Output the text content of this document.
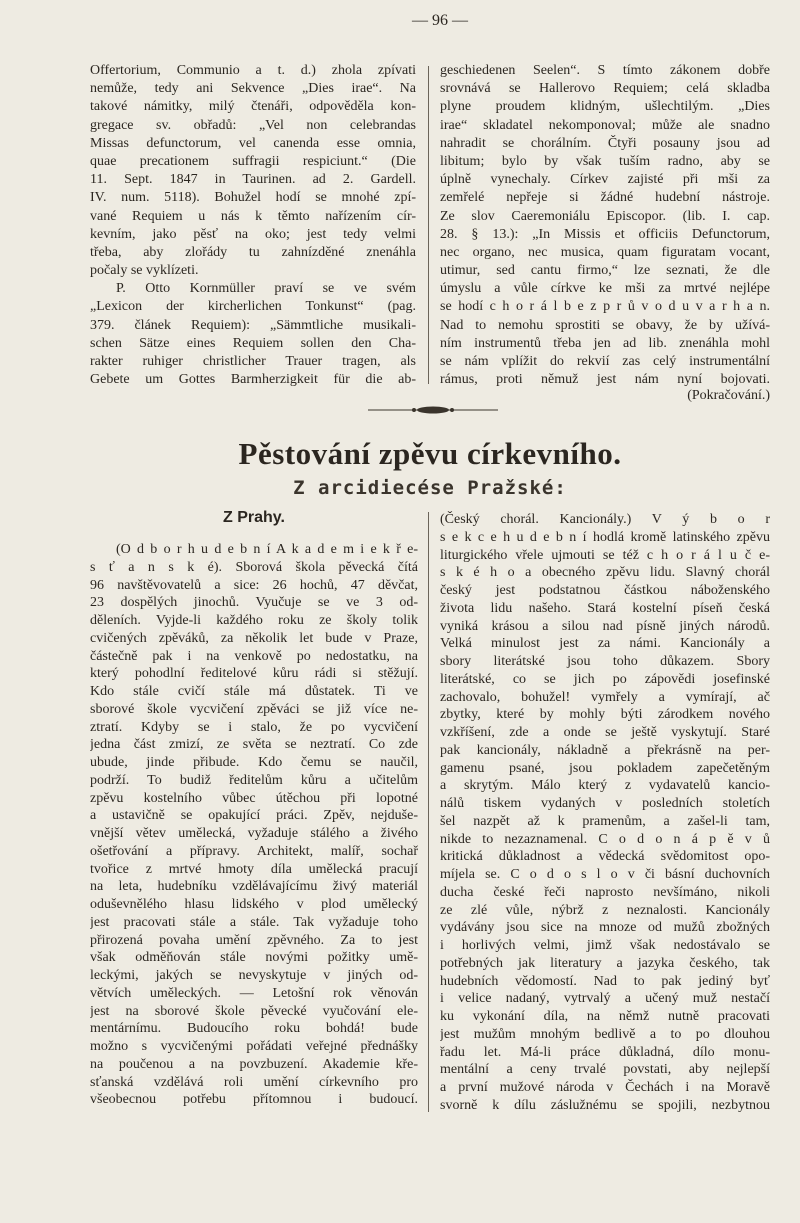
— 96 —
Offertorium, Communio a t. d.) zhola zpívati
nemůže, tedy ani Sekvence „Dies irae“. Na
takové námitky, milý čtenáři, odpověděla kon-
gregace sv. obřadů: „Vel non celebrandas
Missas defunctorum, vel canenda esse omnia,
quae precationem suffragii respiciunt.“ (Die
11. Sept. 1847 in Taurinen. ad 2. Gardell.
IV. num. 5118). Bohužel hodí se mnohé zpí-
vané Requiem u nás k těmto nařízením cír-
kevním, jako pěsť na oko; jest tedy velmi
třeba, aby zlořády tu zahnízděné znenáhla
počaly se vyklízeti.
P. Otto Kornmüller praví se ve svém
„Lexicon der kircherlichen Tonkunst“ (pag.
379. článek Requiem): „Sämmtliche musikali-
schen Sätze eines Requiem sollen den Cha-
rakter ruhiger christlicher Trauer tragen, als
Gebete um Gottes Barmherzigkeit für die ab-
geschiedenen Seelen“. S tímto zákonem dobře
srovnává se Hallerovo Requiem; celá skladba
plyne proudem klidným, ušlechtilým. „Dies
irae“ skladatel nekomponoval; může ale snadno
nahradit se chorálním. Čtyři posauny jsou ad
libitum; bylo by však tuším radno, aby se
úplně vynechaly. Církev zajisté při mši za
zemřelé nepřeje si žádné hudební nástroje.
Ze slov Caeremoniálu Episcopor. (lib. I. cap.
28. § 13.): „In Missis et officiis Defunctorum,
nec organo, nec musica, quam figuratam vocant,
utimur, sed cantu firmo,“ lze seznati, že dle
úmyslu a vůle církve ke mši za mrtvé nejlépe
se hodí c h o r á l b e z p r ů v o d u v a r h a n.
Nad to nemohu sprostiti se obavy, že by užívá-
ním instrumentů třeba jen ad lib. znenáhla mohl
se nám vplížit do rekvií zas celý instrumentální
rámus, proti němuž jest nám nyní bojovati.
(Pokračování.)
Pěstování zpěvu církevního.
Z arcidiecése Pražské:
Z Prahy.
(O d b o r h u d e b n í A k a d e m i e k ř e-
s ť a n s k é). Sborová škola pěvecká čítá
96 navštěvovatelů a sice: 26 hochů, 47 děvčat,
23 dospělých jinochů. Vyučuje se ve 3 od-
děleních. Vyjde-li každého roku ze školy tolik
cvičených zpěváků, za několik let bude v Praze,
částečně pak i na venkově po nedostatku, na
který pohodlní ředitelové kůru rádi si stěžují.
Kdo stále cvičí stále má důstatek. Ti ve
sborové škole vycvičení zpěváci se již více ne-
ztratí. Kdyby se i stalo, že po vycvičení
jedna část zmizí, ze světa se neztratí. Co zde
ubude, jinde přibude. Kdo čemu se naučil,
podrží. To budiž ředitelům kůru a učitelům
zpěvu kostelního vůbec útěchou při lopotné
a ustavičně se opakující práci. Zpěv, nejduše-
vnější větev umělecká, vyžaduje stálého a živého
ošetřování a přípravy. Architekt, malíř, sochař
tvořice z mrtvé hmoty díla umělecká pracují
na leta, hudebníku vzdělávajícímu živý materiál
oduševnělého hlasu lidského v plod umělecký
jest pracovati stále a stále. Tak vyžaduje toho
přirozená povaha umění zpěvného. Za to jest
však odměňován stále novými požitky umě-
leckými, jakých se nevyskytuje v jiných od-
větvích uměleckých. — Letošní rok věnován
jest na sborové škole pěvecké vyučování ele-
mentárnímu. Budoucího roku bohdá! bude
možno s vycvičenými pořádati veřejné přednášky
na poučenou a na povzbuzení. Akademie kře-
sťanská vzdělává roli umění církevního pro
všeobecnou potřebu přítomnou i budoucí.
(Český chorál. Kancionály.) V ý b o r
s e k c e h u d e b n í hodlá kromě latinského zpěvu
liturgického vřele ujmouti se též c h o r á l u č e-
s k é h o a obecného zpěvu lidu. Slavný chorál
český jest podstatnou částkou náboženského
života lidu našeho. Stará kostelní píseň česká
vyniká krásou a silou nad písně jiných národů.
Velká minulost jest za námi. Kancionály a
sbory literátské jsou toho důkazem. Sbory
literátské, co se jich po zápovědi josefinské
zachovalo, bohužel! vymřely a vymírají, ač
zbytky, které by mohly býti zárodkem nového
vzkříšení, zde a onde se ještě vyskytují. Staré
pak kancionály, nákladně a překrásně na per-
gamenu psané, jsou pokladem zapečetěným
a skrytým. Málo který z vydavatelů kancio-
nálů tiskem vydaných v posledních stoletích
šel nazpět až k pramenům, a zašel-li tam,
nikde to nezaznamenal. C o d o n á p ě v ů
kritická důkladnost a vědecká svědomitost opo-
míjela se. C o d o s l o v či básní duchovních
ducha české řeči naprosto nevšímáno, nikoli
ze zlé vůle, nýbrž z neznalosti. Kancionály
vydávány jsou sice na mnoze od mužů zbožných
i horlivých velmi, jimž však nedostávalo se
potřebných jak literatury a jazyka českého, tak
hudebních vědomostí. Nad to pak jediný byť
i velice nadaný, vytrvalý a učený muž nestačí
ku vykonání díla, na němž nutně pracovati
jest mužům mnohým bedlivě a to po dlouhou
řadu let. Má-li práce důkladná, dílo monu-
mentální a ceny trvalé povstati, aby nejlepší
a první mužové národa v Čechách i na Moravě
svorně k dílu záslužnému se spojili, nezbytnou
